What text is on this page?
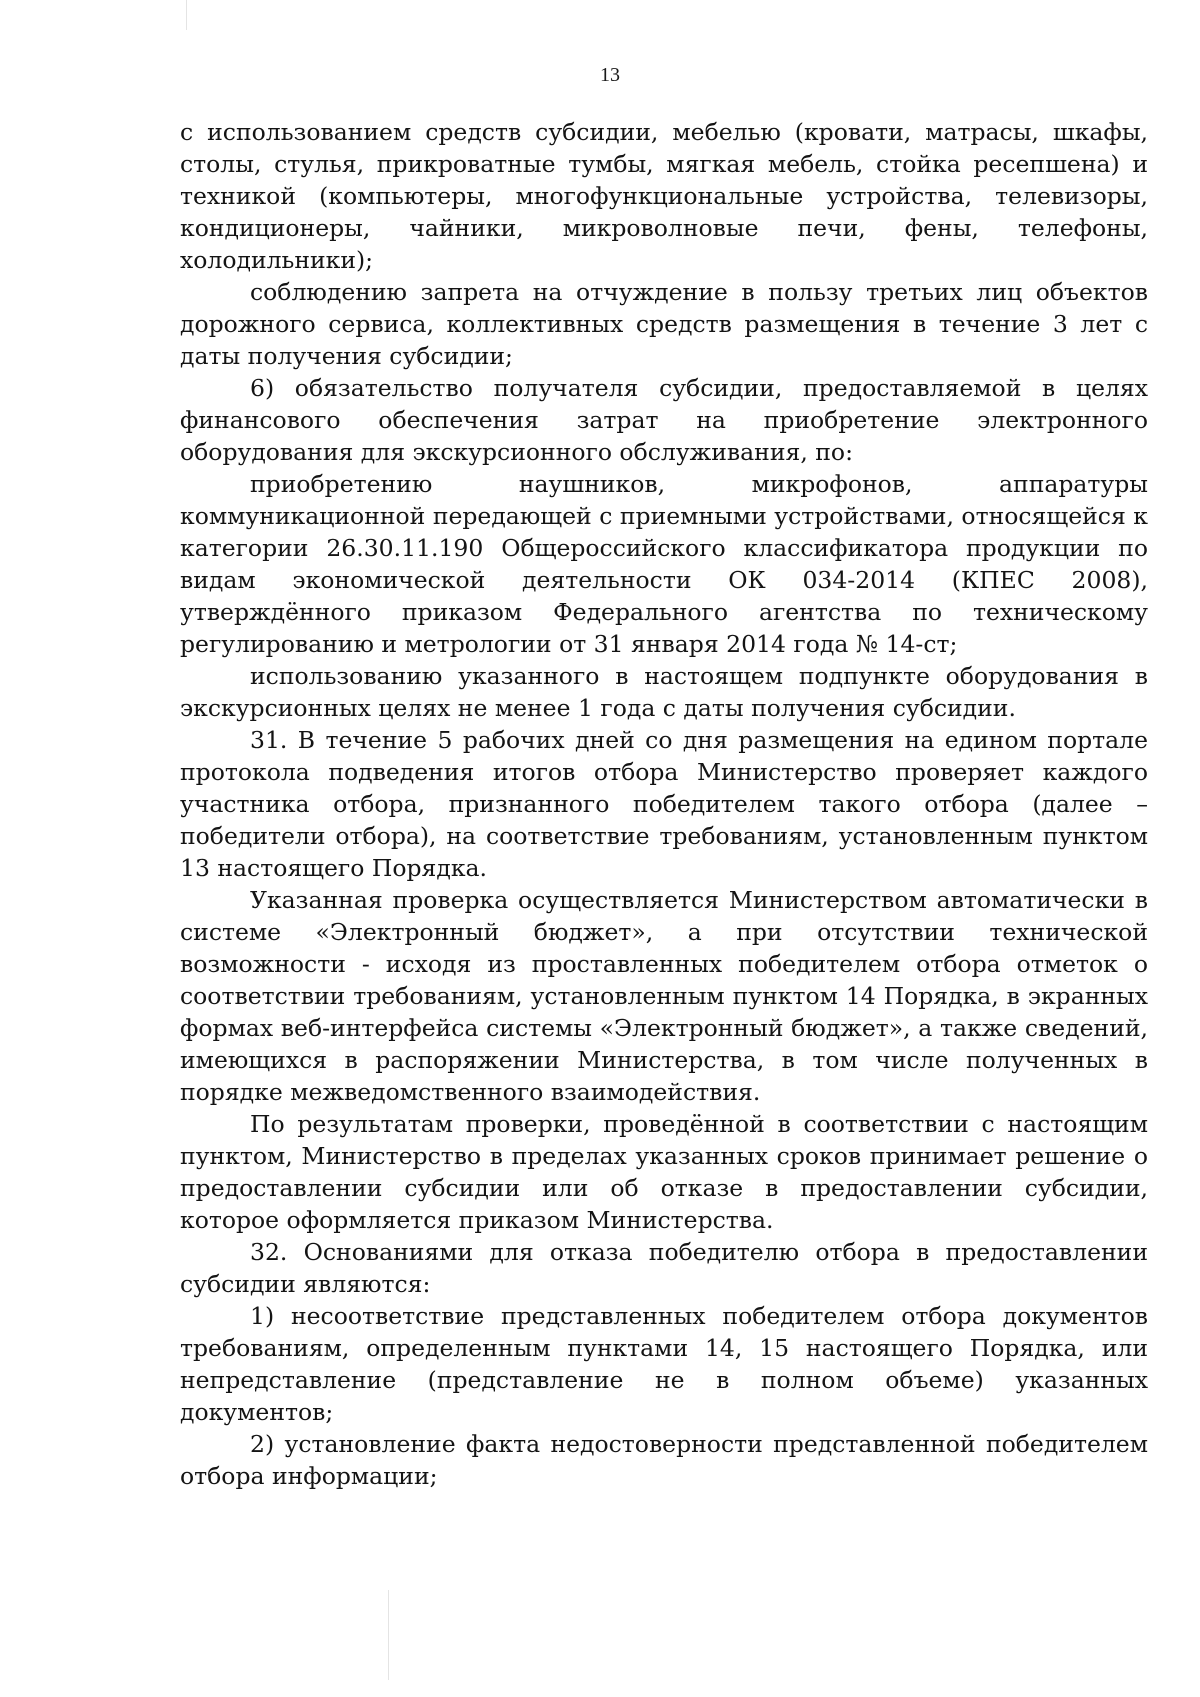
13

с использованием средств субсидии, мебелью (кровати, матрасы, шкафы, столы, стулья, прикроватные тумбы, мягкая мебель, стойка ресепшена) и техникой (компьютеры, многофункциональные устройства, телевизоры, кондиционеры, чайники, микроволновые печи, фены, телефоны, холодильники);

соблюдению запрета на отчуждение в пользу третьих лиц объектов дорожного сервиса, коллективных средств размещения в течение 3 лет с даты получения субсидии;

6) обязательство получателя субсидии, предоставляемой в целях финансового обеспечения затрат на приобретение электронного оборудования для экскурсионного обслуживания, по:

приобретению наушников, микрофонов, аппаратуры коммуникационной передающей с приемными устройствами, относящейся к категории 26.30.11.190 Общероссийского классификатора продукции по видам экономической деятельности ОК 034-2014 (КПЕС 2008), утверждённого приказом Федерального агентства по техническому регулированию и метрологии от 31 января 2014 года № 14-ст;

использованию указанного в настоящем подпункте оборудования в экскурсионных целях не менее 1 года с даты получения субсидии.

31. В течение 5 рабочих дней со дня размещения на едином портале протокола подведения итогов отбора Министерство проверяет каждого участника отбора, признанного победителем такого отбора (далее – победители отбора), на соответствие требованиям, установленным пунктом 13 настоящего Порядка.

Указанная проверка осуществляется Министерством автоматически в системе «Электронный бюджет», а при отсутствии технической возможности - исходя из проставленных победителем отбора отметок о соответствии требованиям, установленным пунктом 14 Порядка, в экранных формах веб-интерфейса системы «Электронный бюджет», а также сведений, имеющихся в распоряжении Министерства, в том числе полученных в порядке межведомственного взаимодействия.

По результатам проверки, проведённой в соответствии с настоящим пунктом, Министерство в пределах указанных сроков принимает решение о предоставлении субсидии или об отказе в предоставлении субсидии, которое оформляется приказом Министерства.

32. Основаниями для отказа победителю отбора в предоставлении субсидии являются:

1) несоответствие представленных победителем отбора документов требованиям, определенным пунктами 14, 15 настоящего Порядка, или непредставление (представление не в полном объеме) указанных документов;

2) установление факта недостоверности представленной победителем отбора информации;
